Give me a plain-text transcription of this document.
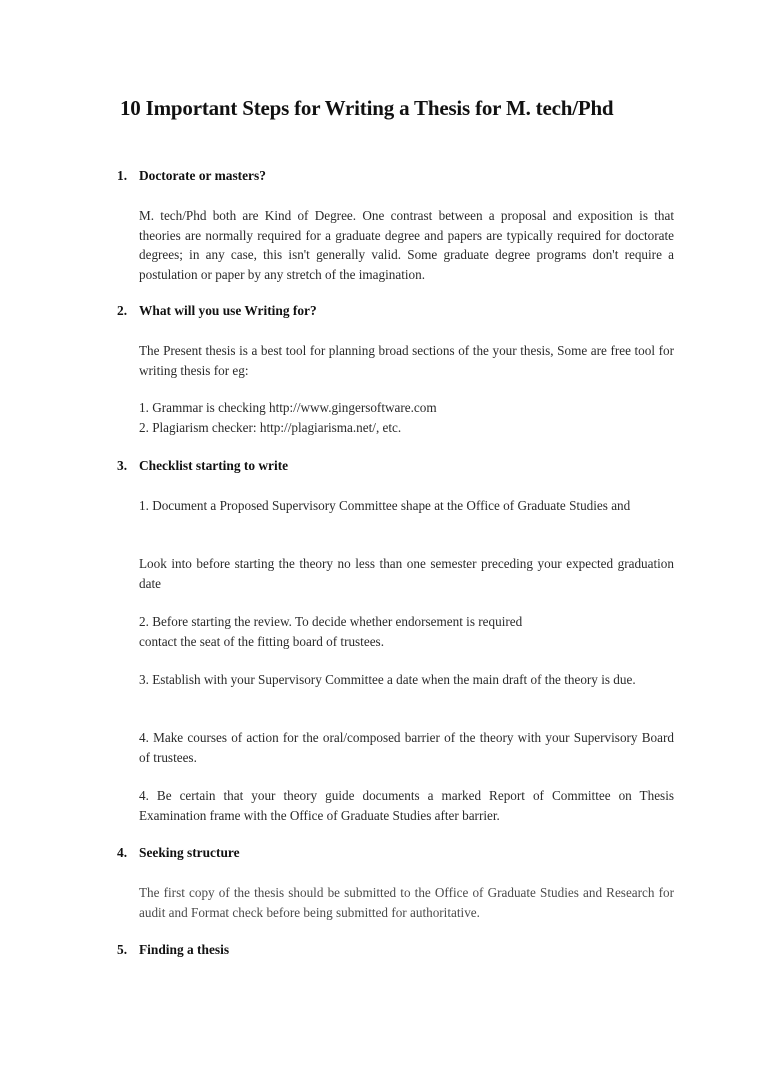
10 Important Steps for Writing a Thesis for M. tech/Phd
1. Doctorate or masters?

M. tech/Phd both are Kind of Degree. One contrast between a proposal and exposition is that theories are normally required for a graduate degree and papers are typically required for doctorate degrees; in any case, this isn't generally valid. Some graduate degree programs don't require a postulation or paper by any stretch of the imagination.

2. What will you use Writing for?

The Present thesis is a best tool for planning broad sections of the your thesis, Some are free tool for writing thesis for eg:

1. Grammar is checking http://www.gingersoftware.com
2. Plagiarism checker: http://plagiarisma.net/, etc.
3. Checklist starting to write

1. Document a Proposed Supervisory Committee shape at the Office of Graduate Studies and

Look into before starting the theory no less than one semester preceding your expected graduation date

2. Before starting the review. To decide whether endorsement is required
contact the seat of the fitting board of trustees.

3. Establish with your Supervisory Committee a date when the main draft of the theory is due.

4. Make courses of action for the oral/composed barrier of the theory with your Supervisory Board of trustees.

4. Be certain that your theory guide documents a marked Report of Committee on Thesis Examination frame with the Office of Graduate Studies after barrier.

4. Seeking structure

The first copy of the thesis should be submitted to the Office of Graduate Studies and Research for audit and Format check before being submitted for authoritative.

5. Finding a thesis
